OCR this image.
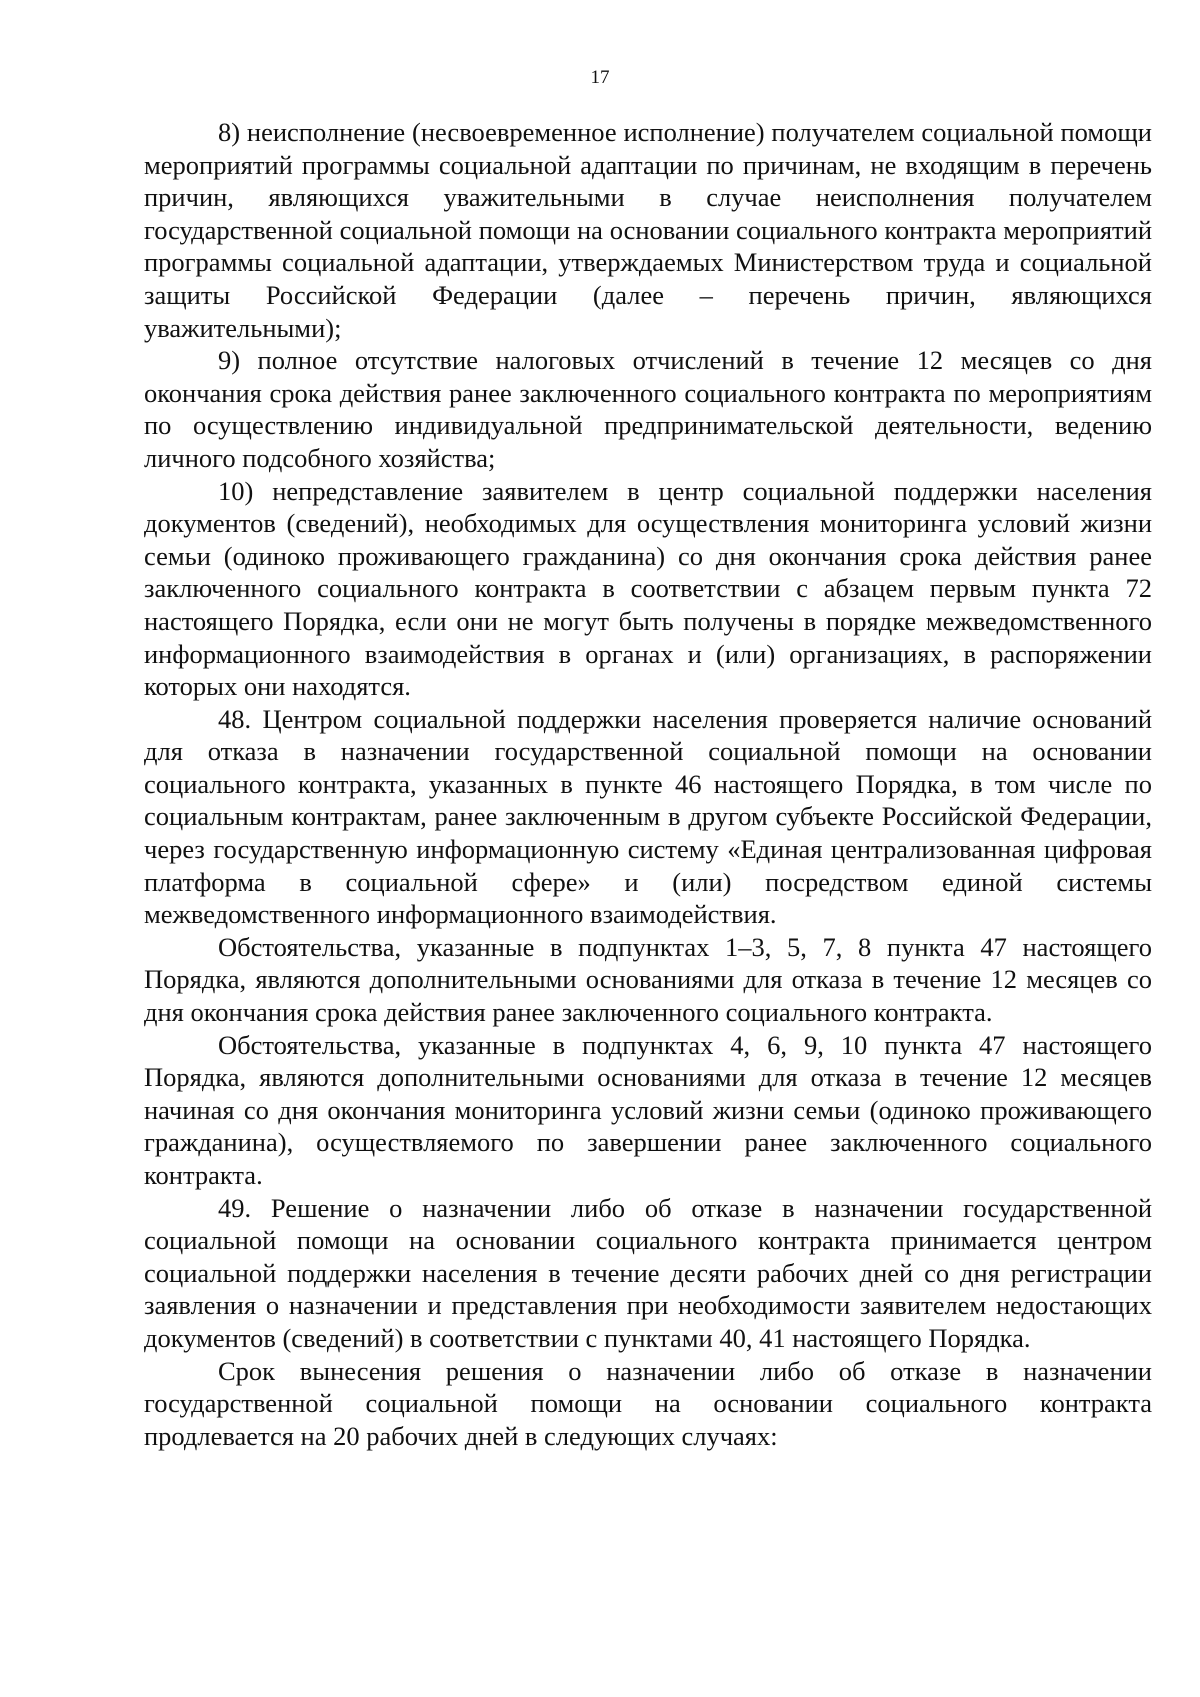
17

8) неисполнение (несвоевременное исполнение) получателем социальной помощи мероприятий программы социальной адаптации по причинам, не входящим в перечень причин, являющихся уважительными в случае неисполнения получателем государственной социальной помощи на основании социального контракта мероприятий программы социальной адаптации, утверждаемых Министерством труда и социальной защиты Российской Федерации (далее – перечень причин, являющихся уважительными);

9) полное отсутствие налоговых отчислений в течение 12 месяцев со дня окончания срока действия ранее заключенного социального контракта по мероприятиям по осуществлению индивидуальной предпринимательской деятельности, ведению личного подсобного хозяйства;

10) непредставление заявителем в центр социальной поддержки населения документов (сведений), необходимых для осуществления мониторинга условий жизни семьи (одиноко проживающего гражданина) со дня окончания срока действия ранее заключенного социального контракта в соответствии с абзацем первым пункта 72 настоящего Порядка, если они не могут быть получены в порядке межведомственного информационного взаимодействия в органах и (или) организациях, в распоряжении которых они находятся.

48. Центром социальной поддержки населения проверяется наличие оснований для отказа в назначении государственной социальной помощи на основании социального контракта, указанных в пункте 46 настоящего Порядка, в том числе по социальным контрактам, ранее заключенным в другом субъекте Российской Федерации, через государственную информационную систему «Единая централизованная цифровая платформа в социальной сфере» и (или) посредством единой системы межведомственного информационного взаимодействия.

Обстоятельства, указанные в подпунктах 1–3, 5, 7, 8 пункта 47 настоящего Порядка, являются дополнительными основаниями для отказа в течение 12 месяцев со дня окончания срока действия ранее заключенного социального контракта.

Обстоятельства, указанные в подпунктах 4, 6, 9, 10 пункта 47 настоящего Порядка, являются дополнительными основаниями для отказа в течение 12 месяцев начиная со дня окончания мониторинга условий жизни семьи (одиноко проживающего гражданина), осуществляемого по завершении ранее заключенного социального контракта.

49. Решение о назначении либо об отказе в назначении государственной социальной помощи на основании социального контракта принимается центром социальной поддержки населения в течение десяти рабочих дней со дня регистрации заявления о назначении и представления при необходимости заявителем недостающих документов (сведений) в соответствии с пунктами 40, 41 настоящего Порядка.

Срок вынесения решения о назначении либо об отказе в назначении государственной социальной помощи на основании социального контракта продлевается на 20 рабочих дней в следующих случаях:
